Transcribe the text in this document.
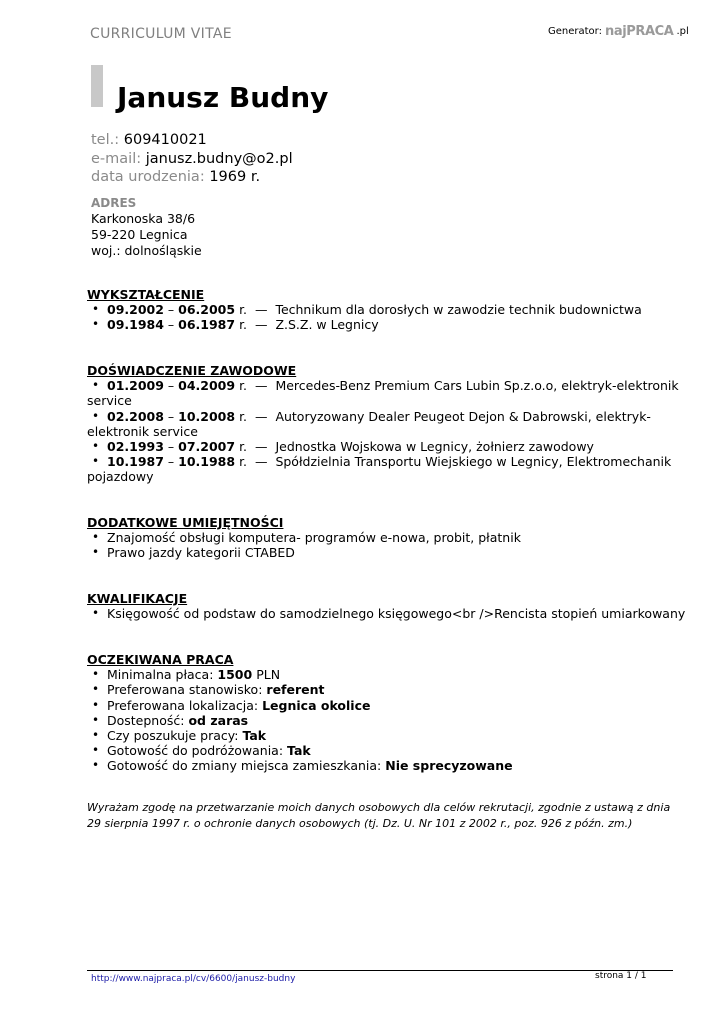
CURRICULUM VITAE	Generator: najPRACA .pl
Janusz Budny
tel.: 609410021
e-mail: janusz.budny@o2.pl
data urodzenia: 1969 r.
ADRES
Karkonoska 38/6
59-220 Legnica
woj.: dolnośląskie
WYKSZTAŁCENIE
• 09.2002 – 06.2005 r. — Technikum dla dorosłych w zawodzie technik budownictwa
• 09.1984 – 06.1987 r. — Z.S.Z. w Legnicy
DOŚWIADCZENIE ZAWODOWE
• 01.2009 – 04.2009 r. — Mercedes-Benz Premium Cars Lubin Sp.z.o.o, elektryk-elektronik service
• 02.2008 – 10.2008 r. — Autoryzowany Dealer Peugeot Dejon & Dabrowski, elektryk-elektronik service
• 02.1993 – 07.2007 r. — Jednostka Wojskowa w Legnicy, żołnierz zawodowy
• 10.1987 – 10.1988 r. — Spółdzielnia Transportu Wiejskiego w Legnicy, Elektromechanik pojazdowy
DODATKOWE UMIEJĘTNOŚCI
• Znajomość obsługi komputera- programów e-nowa, probit, płatnik
• Prawo jazdy kategorii CTABED
KWALIFIKACJE
• Księgowość od podstaw do samodzielnego księgowego<br />Rencista stopień umiarkowany
OCZEKIWANA PRACA
• Minimalna płaca: 1500 PLN
• Preferowana stanowisko: referent
• Preferowana lokalizacja: Legnica okolice
• Dostepność: od zaras
• Czy poszukuje pracy: Tak
• Gotowość do podróżowania: Tak
• Gotowość do zmiany miejsca zamieszkania: Nie sprecyzowane
Wyrażam zgodę na przetwarzanie moich danych osobowych dla celów rekrutacji, zgodnie z ustawą z dnia 29 sierpnia 1997 r. o ochronie danych osobowych (tj. Dz. U. Nr 101 z 2002 r., poz. 926 z późn. zm.)
http://www.najpraca.pl/cv/6600/janusz-budny	strona 1 / 1
